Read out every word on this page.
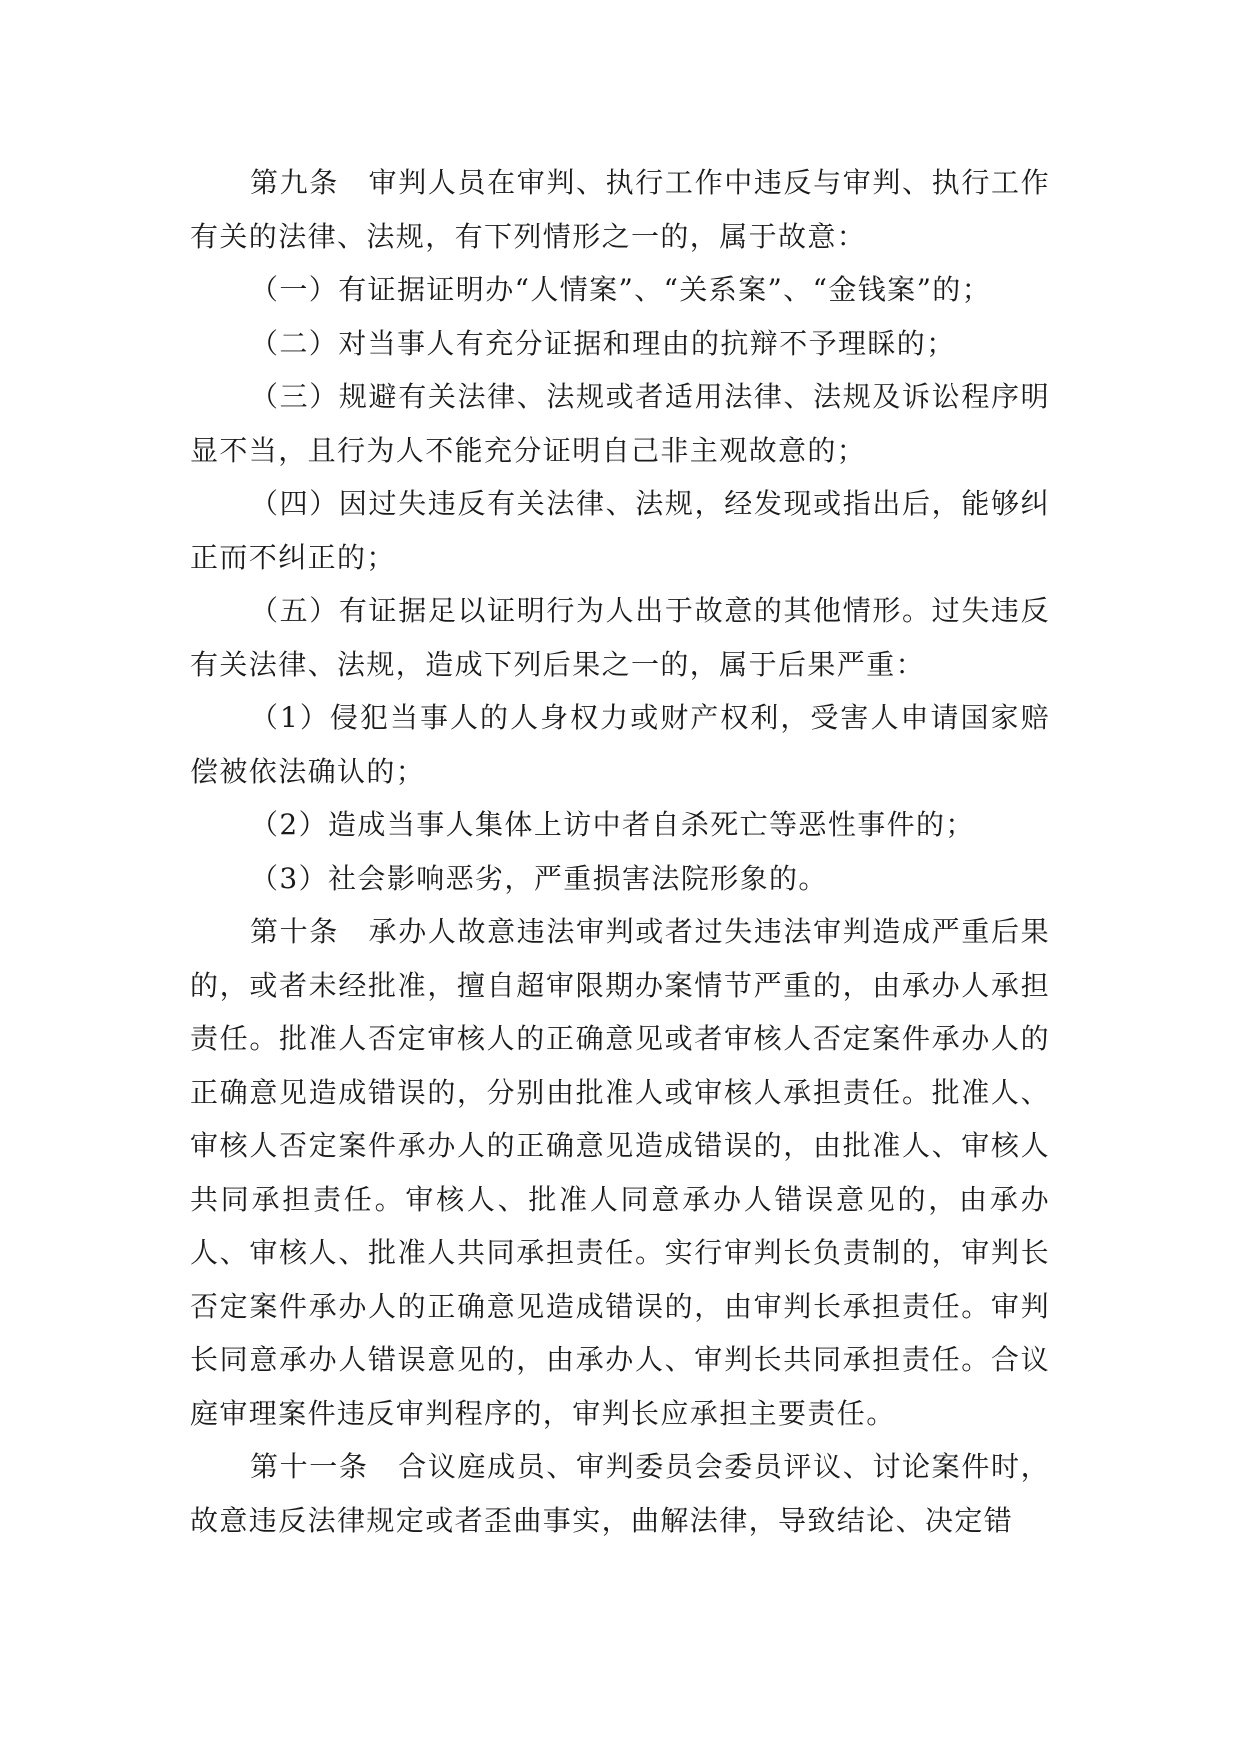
第九条　审判人员在审判、执行工作中违反与审判、执行工作有关的法律、法规，有下列情形之一的，属于故意：

（一）有证据证明办“人情案”、“关系案”、“金钱案”的；

（二）对当事人有充分证据和理由的抗辩不予理睬的；

（三）规避有关法律、法规或者适用法律、法规及诉讼程序明显不当，且行为人不能充分证明自己非主观故意的；

（四）因过失违反有关法律、法规，经发现或指出后，能够纠正而不纠正的；

（五）有证据足以证明行为人出于故意的其他情形。过失违反有关法律、法规，造成下列后果之一的，属于后果严重：

（1）侵犯当事人的人身权力或财产权利，受害人申请国家赔偿被依法确认的；

（2）造成当事人集体上访中者自杀死亡等恶性事件的；

（3）社会影响恶劣，严重损害法院形象的。

第十条　承办人故意违法审判或者过失违法审判造成严重后果的，或者未经批准，擅自超审限期办案情节严重的，由承办人承担责任。批准人否定审核人的正确意见或者审核人否定案件承办人的正确意见造成错误的，分别由批准人或审核人承担责任。批准人、审核人否定案件承办人的正确意见造成错误的，由批准人、审核人共同承担责任。审核人、批准人同意承办人错误意见的，由承办人、审核人、批准人共同承担责任。实行审判长负责制的，审判长否定案件承办人的正确意见造成错误的，由审判长承担责任。审判长同意承办人错误意见的，由承办人、审判长共同承担责任。合议庭审理案件违反审判程序的，审判长应承担主要责任。

第十一条　合议庭成员、审判委员会委员评议、讨论案件时，故意违反法律规定或者歪曲事实，曲解法律，导致结论、决定错
